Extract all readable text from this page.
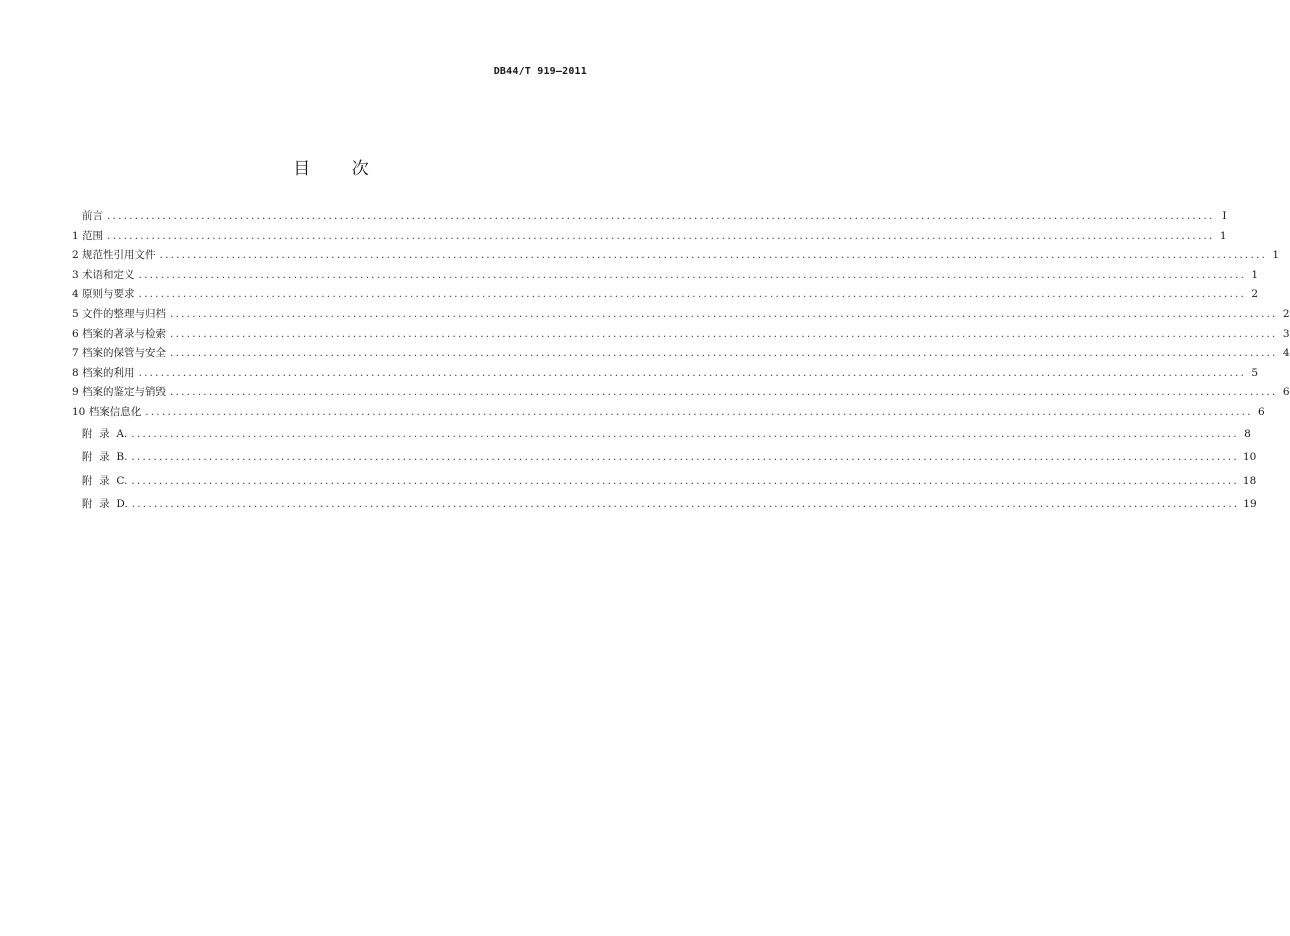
DB44/T 919—2011
目 次
前言 ........................................................................................................................................................................................................ Ⅰ
1 范围 ........................................................................................................................................................................................................ 1
2 规范性引用文件 ........................................................................................................................................................................................................ 1
3 术语和定义 ........................................................................................................................................................................................................ 1
4 原则与要求 ........................................................................................................................................................................................................ 2
5 文件的整理与归档 ........................................................................................................................................................................................................ 2
6 档案的著录与检索 ........................................................................................................................................................................................................ 3
7 档案的保管与安全 ........................................................................................................................................................................................................ 4
8 档案的利用 ........................................................................................................................................................................................................ 5
9 档案的鉴定与销毁 ........................................................................................................................................................................................................ 6
10 档案信息化 ........................................................................................................................................................................................................ 6
附  录  A. ........................................................................................................................................................................................................ 8
附  录  B. ........................................................................................................................................................................................................ 10
附  录  C. ........................................................................................................................................................................................................ 18
附  录  D. ........................................................................................................................................................................................................ 19
